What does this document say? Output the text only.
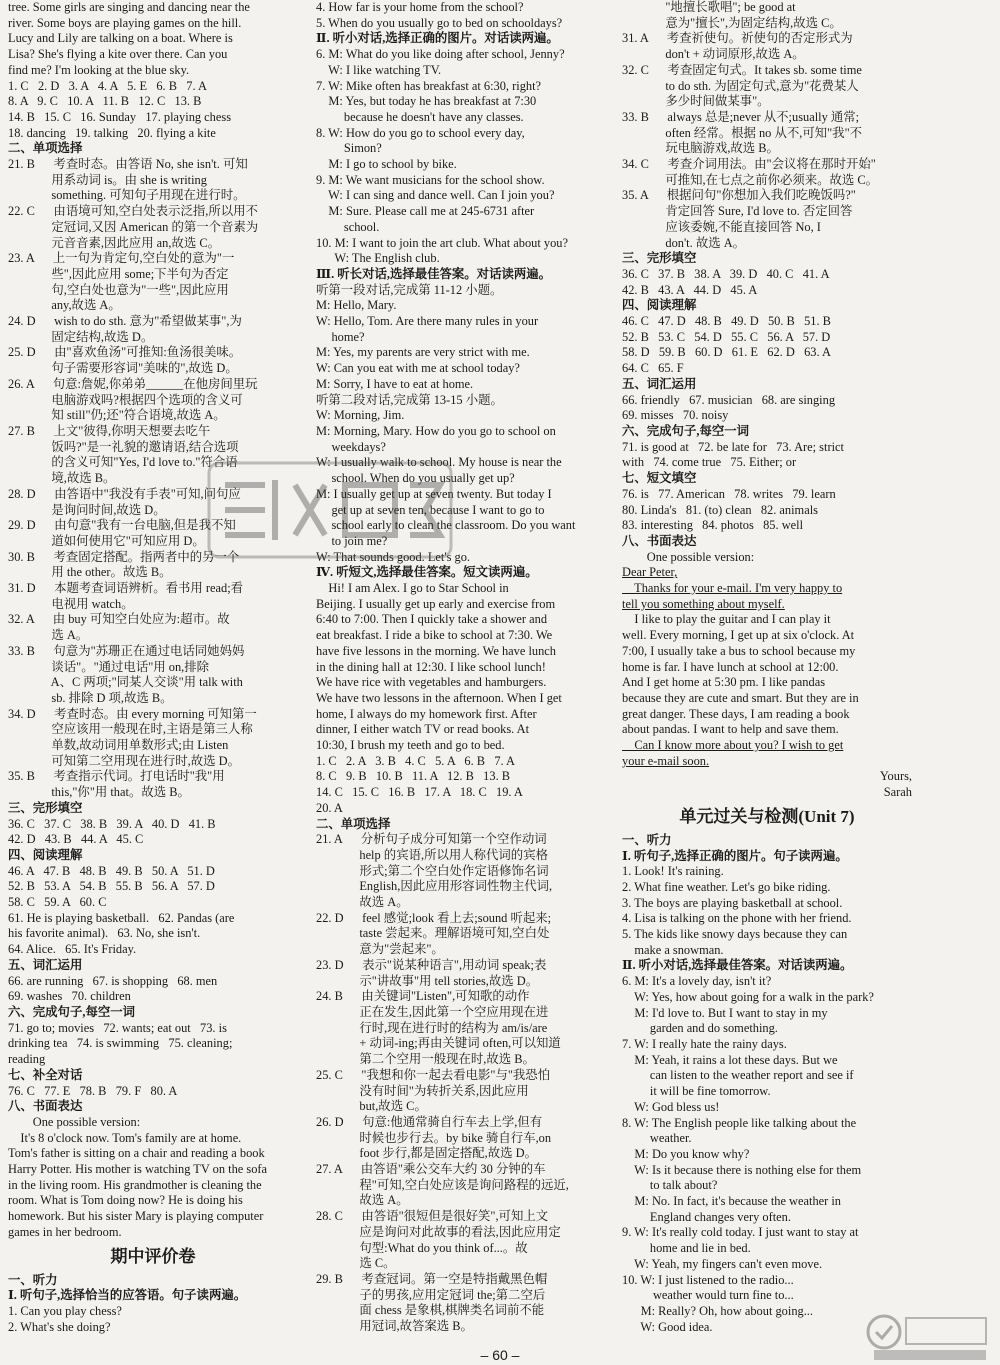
tree. Some girls are singing and dancing near the
river. Some boys are playing games on the hill.
Lucy and Lily are talking on a boat. Where is
Lisa? She's flying a kite over there. Can you
find me? I'm looking at the blue sky.
1. C   2. D   3. A   4. A   5. E   6. B   7. A
8. A   9. C   10. A   11. B   12. C   13. B
14. B   15. C   16. Sunday   17. playing chess
18. dancing   19. talking   20. flying a kite
二、单项选择
21. B      考查时态。由答语 No, she isn't. 可知
用系动词 is。由 she is writing
something. 可知句子用现在进行时。
22. C      由语境可知,空白处表示泛指,所以用不
定冠词,又因 American 的第一个音素为
元音音素,因此应用 an,故选 C。
23. A      上一句为肯定句,空白处的意为"一
些",因此应用 some;下半句为否定
句,空白处也意为"一些",因此应用
any,故选 A。
24. D      wish to do sth. 意为"希望做某事",为
固定结构,故选 D。
25. D      由"喜欢鱼汤"可推知:鱼汤很美味。
句子需要形容词"美味的",故选 D。
26. A      句意:詹妮,你弟弟______在他房间里玩
电脑游戏吗?根据四个选项的含义可
知 still"仍;还"符合语境,故选 A。
27. B      上文"彼得,你明天想要去吃午
饭吗?"是一礼貌的邀请语,结合选项
的含义可知"Yes, I'd love to."符合语
境,故选 B。
28. D      由答语中"我没有手表"可知,问句应
是询问时间,故选 D。
29. D      由句意"我有一台电脑,但是我不知
道如何使用它"可知应用 D。
30. B      考查固定搭配。指两者中的另一个
用 the other。故选 B。
31. D      本题考查词语辨析。看书用 read;看
电视用 watch。
32. A      由 buy 可知空白处应为:超市。故
选 A。
33. B      句意为"苏珊正在通过电话同她妈妈
谈话"。"通过电话"用 on,排除
A、C 两项;"同某人交谈"用 talk with
sb. 排除 D 项,故选 B。
34. D      考查时态。由 every morning 可知第一
空应该用一般现在时,主语是第三人称
单数,故动词用单数形式;由 Listen
可知第二空用现在进行时,故选 D。
35. B      考查指示代词。打电话时"我"用
this,"你"用 that。故选 B。
三、完形填空
36. C   37. C   38. B   39. A   40. D   41. B
42. D   43. B   44. A   45. C
四、阅读理解
46. A   47. B   48. B   49. B   50. A   51. D
52. B   53. A   54. B   55. B   56. A   57. D
58. C   59. A   60. C
61. He is playing basketball.   62. Pandas (are
his favorite animal).   63. No, she isn't.
64. Alice.   65. It's Friday.
五、词汇运用
66. are running   67. is shopping   68. men
69. washes   70. children
六、完成句子,每空一词
71. go to; movies   72. wants; eat out   73. is
drinking tea   74. is swimming   75. cleaning;
reading
七、补全对话
76. C   77. E   78. B   79. F   80. A
八、书面表达
One possible version:
It's 8 o'clock now. Tom's family are at home.
Tom's father is sitting on a chair and reading a book
Harry Potter. His mother is watching TV on the sofa
in the living room. His grandmother is cleaning the
room. What is Tom doing now? He is doing his
homework. But his sister Mary is playing computer
games in her bedroom.
期中评价卷
一、听力
Ⅰ. 听句子,选择恰当的应答语。句子读两遍。
1. Can you play chess?
2. What's she doing?
4. How far is your home from the school?
5. When do you usually go to bed on schooldays?
Ⅱ. 听小对话,选择正确的图片。对话读两遍。
6. M: What do you like doing after school, Jenny?
W: I like watching TV.
7. W: Mike often has breakfast at 6:30, right?
M: Yes, but today he has breakfast at 7:30
because he doesn't have any classes.
8. W: How do you go to school every day,
Simon?
M: I go to school by bike.
9. M: We want musicians for the school show.
W: I can sing and dance well. Can I join you?
M: Sure. Please call me at 245-6731 after
school.
10. M: I want to join the art club. What about you?
W: The English club.
Ⅲ. 听长对话,选择最佳答案。对话读两遍。
听第一段对话,完成第 11-12 小题。
M: Hello, Mary.
W: Hello, Tom. Are there many rules in your
home?
M: Yes, my parents are very strict with me.
W: Can you eat with me at school today?
M: Sorry, I have to eat at home.
听第二段对话,完成第 13-15 小题。
W: Morning, Jim.
M: Morning, Mary. How do you go to school on
weekdays?
W: I usually walk to school. My house is near the
school. When do you usually get up?
M: I usually get up at seven twenty. But today I
get up at seven ten, because I want to go to
school early to clean the classroom. Do you want
to join me?
W: That sounds good. Let's go.
Ⅳ. 听短文,选择最佳答案。短文读两遍。
Hi! I am Alex. I go to Star School in
Beijing. I usually get up early and exercise from
6:40 to 7:00. Then I quickly take a shower and
eat breakfast. I ride a bike to school at 7:30. We
have five lessons in the morning. We have lunch
in the dining hall at 12:30. I like school lunch!
We have rice with vegetables and hamburgers.
We have two lessons in the afternoon. When I get
home, I always do my homework first. After
dinner, I either watch TV or read books. At
10:30, I brush my teeth and go to bed.
1. C   2. A   3. B   4. C   5. A   6. B   7. A
8. C   9. B   10. B   11. A   12. B   13. B
14. C   15. C   16. B   17. A   18. C   19. A
20. A
二、单项选择
21. A      分析句子成分可知第一个空作动词
help 的宾语,所以用人称代词的宾格
形式;第二个空白处作定语修饰名词
English,因此应用形容词性物主代词,
故选 A。
22. D      feel 感觉;look 看上去;sound 听起来;
taste 尝起来。理解语境可知,空白处
意为"尝起来"。
23. D      表示"说某种语言",用动词 speak;表
示"讲故事"用 tell stories,故选 D。
24. B      由关键词"Listen",可知歌的动作
正在发生,因此第一个空应用现在进
行时,现在进行时的结构为 am/is/are
+ 动词-ing;再由关键词 often,可以知道
第二个空用一般现在时,故选 B。
25. C      "我想和你一起去看电影"与"我恐怕
没有时间"为转折关系,因此应用
but,故选 C。
26. D      句意:他通常骑自行车去上学,但有
时候也步行去。by bike 骑自行车,on
foot 步行,都是固定搭配,故选 D。
27. A      由答语"乘公交车大约 30 分钟的车
程"可知,空白处应该是询问路程的远近,
故选 A。
28. C      由答语"很短但是很好笑",可知上文
应是询问对此故事的看法,因此应用定
句型:What do you think of...。故
选 C。
29. B      考查冠词。第一空是特指戴黑色帽
子的男孩,应用定冠词 the;第二空后
面 chess 是象棋,棋牌类名词前不能
用冠词,故答案选 B。
"地擅长歌唱"; be good at
意为"擅长",为固定结构,故选 C。
31. A      考查祈使句。祈使句的否定形式为
don't + 动词原形,故选 A。
32. C      考查固定句式。It takes sb. some time
to do sth. 为固定句式,意为"花费某人
多少时间做某事"。
33. B      always 总是;never 从不;usually 通常;
often 经常。根据 no 从不,可知"我"不
玩电脑游戏,故选 B。
34. C      考查介词用法。由"会议将在那时开始"
可推知,在七点之前你必须来。故选 C。
35. A      根据问句"你想加入我们吃晚饭吗?"
肯定回答 Sure, I'd love to. 否定回答
应该委婉,不能直接回答 No, I
don't. 故选 A。
三、完形填空
36. C   37. B   38. A   39. D   40. C   41. A
42. B   43. A   44. D   45. A
四、阅读理解
46. C   47. D   48. B   49. D   50. B   51. B
52. B   53. C   54. D   55. C   56. A   57. D
58. D   59. B   60. D   61. E   62. D   63. A
64. C   65. F
五、词汇运用
66. friendly   67. musician   68. are singing
69. misses   70. noisy
六、完成句子,每空一词
71. is good at   72. be late for   73. Are; strict
with   74. come true   75. Either; or
七、短文填空
76. is   77. American   78. writes   79. learn
80. Linda's   81. (to) clean   82. animals
83. interesting   84. photos   85. well
八、书面表达
One possible version:
Dear Peter,
Thanks for your e-mail. I'm very happy to
tell you something about myself.
I like to play the guitar and I can play it
well. Every morning, I get up at six o'clock. At
7:00, I usually take a bus to school because my
home is far. I have lunch at school at 12:00.
And I get home at 5:30 pm. I like pandas
because they are cute and smart. But they are in
great danger. These days, I am reading a book
about pandas. I want to help and save them.
Can I know more about you? I wish to get
your e-mail soon.
Yours,
Sarah
单元过关与检测(Unit 7)
一、听力
Ⅰ. 听句子,选择正确的图片。句子读两遍。
1. Look! It's raining.
2. What fine weather. Let's go bike riding.
3. The boys are playing basketball at school.
4. Lisa is talking on the phone with her friend.
5. The kids like snowy days because they can
make a snowman.
Ⅱ. 听小对话,选择最佳答案。对话读两遍。
6. M: It's a lovely day, isn't it?
W: Yes, how about going for a walk in the park?
M: I'd love to. But I want to stay in my
garden and do something.
7. W: I really hate the rainy days.
M: Yeah, it rains a lot these days. But we
can listen to the weather report and see if
it will be fine tomorrow.
W: God bless us!
8. W: The English people like talking about the
weather.
M: Do you know why?
W: Is it because there is nothing else for them
to talk about?
M: No. In fact, it's because the weather in
England changes very often.
9. W: It's really cold today. I just want to stay at
home and lie in bed.
W: Yeah, my fingers can't even move.
10. W: I just listened to the radio...
weather would turn fine to...
M: Really? Oh, how about going...
W: Good idea.
– 60 –
